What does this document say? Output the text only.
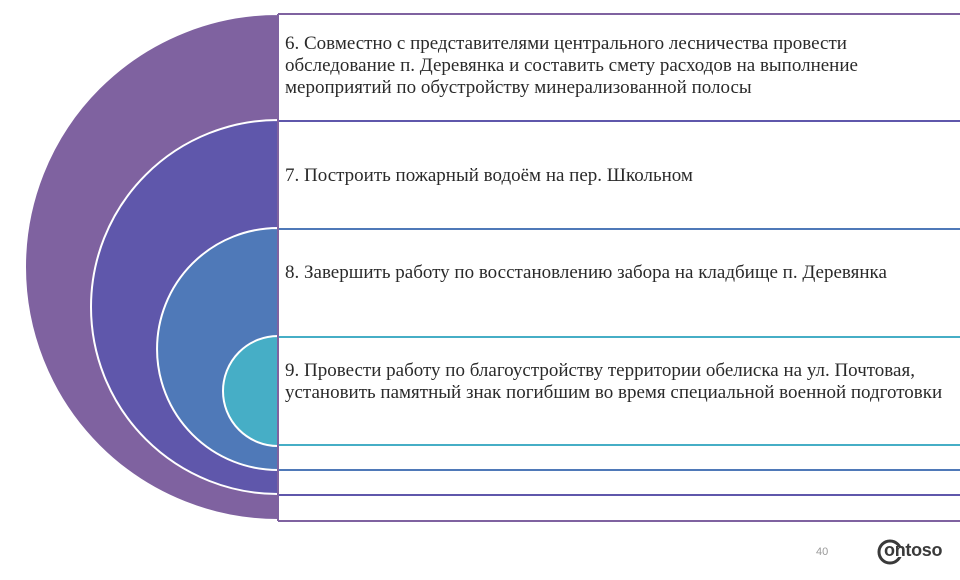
6. Совместно с представителями центрального лесничества провести обследование п. Деревянка и составить смету расходов на выполнение мероприятий по обустройству минерализованной полосы

7. Построить пожарный водоём на пер. Школьном

8. Завершить работу по восстановлению забора на кладбище п. Деревянка

9. Провести работу по благоустройству территории обелиска на ул. Почтовая, установить памятный знак погибшим во время специальной военной подготовки

40	ontoso
